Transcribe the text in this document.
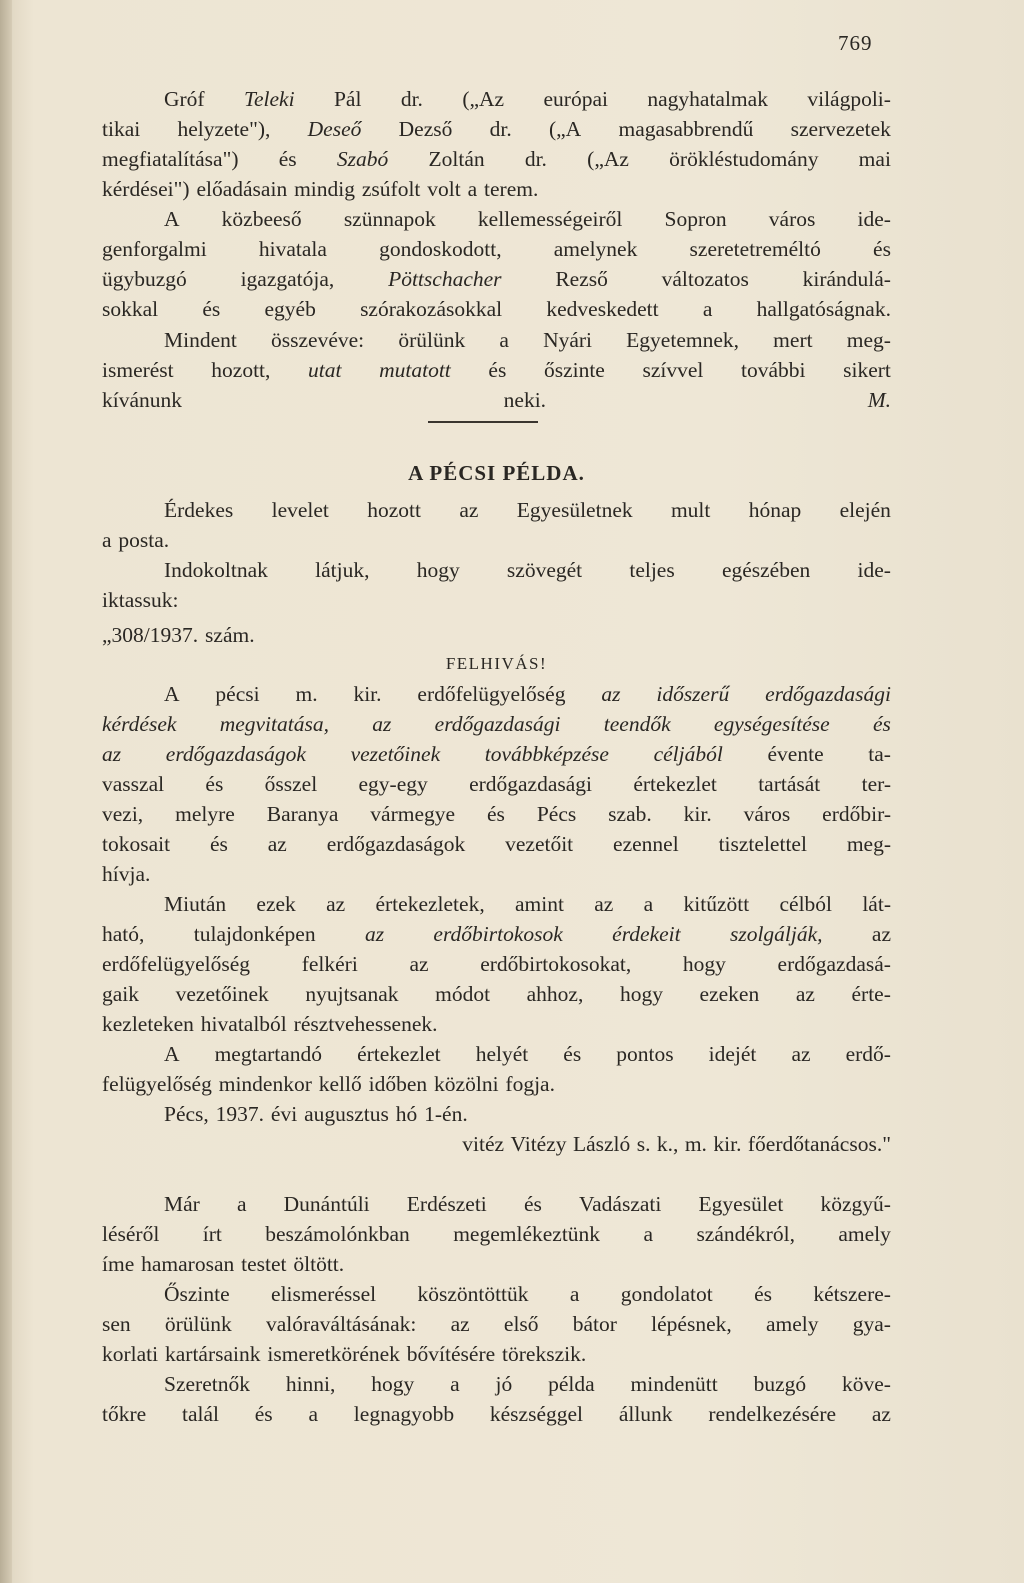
769
Gróf Teleki Pál dr. („Az európai nagyhatalmak világpoli-
tikai helyzete"), Deseő Dezső dr. („A magasabbrendű szervezetek
megfiatalítása") és Szabó Zoltán dr. („Az örökléstudomány mai
kérdései") előadásain mindig zsúfolt volt a terem.
A közbeeső szünnapok kellemességeiről Sopron város ide-
genforgalmi hivatala gondoskodott, amelynek szeretetreméltó és
ügybuzgó	igazgatója,	Pöttschacher	Rezső	változatos	kirándulá-
sokkal és egyéb szórakozásokkal kedveskedett a hallgatóságnak.
Mindent összevéve: örülünk a Nyári Egyetemnek, mert meg-
ismerést hozott, utat mutatott és őszinte szívvel további sikert
kívánunk	neki.	M.
A PÉCSI PÉLDA.
Érdekes levelet hozott az Egyesületnek mult hónap elején
a posta.
Indokoltnak látjuk, hogy szövegét teljes egészében ide-
iktassuk:
„308/1937. szám.
FELHIVÁS!
A pécsi m. kir. erdőfelügyelőség az időszerű erdőgazdasági
kérdések megvitatása, az erdőgazdasági teendők egységesítése és
az erdőgazdaságok vezetőinek továbbképzése céljából évente ta-
vasszal és ősszel egy-egy erdőgazdasági értekezlet tartását ter-
vezi, melyre Baranya vármegye és Pécs szab. kir. város erdőbir-
tokosait és az erdőgazdaságok vezetőit ezennel tisztelettel meg-
hívja.
Miután ezek az értekezletek, amint az a kitűzött célból lát-
ható, tulajdonképen az erdőbirtokosok érdekeit szolgálják, az
erdőfelügyelőség felkéri az erdőbirtokosokat, hogy erdőgazdasá-
gaik vezetőinek nyujtsanak módot ahhoz, hogy ezeken az érte-
kezleteken hivatalból résztvehessenek.
A megtartandó értekezlet helyét és pontos idejét az erdő-
felügyelőség mindenkor kellő időben közölni fogja.
Pécs, 1937. évi augusztus hó 1-én.
vitéz Vitézy László s. k., m. kir. főerdőtanácsos."
Már a Dunántúli Erdészeti és Vadászati Egyesület közgyű-
léséről írt beszámolónkban megemlékeztünk a szándékról, amely
íme hamarosan testet öltött.
Őszinte elismeréssel köszöntöttük a gondolatot és kétszere-
sen örülünk valóraváltásának: az első bátor lépésnek, amely gya-
korlati kartársaink ismeretkörének bővítésére törekszik.
Szeretnők hinni, hogy a jó példa mindenütt buzgó köve-
tőkre talál és a legnagyobb készséggel állunk rendelkezésére az
